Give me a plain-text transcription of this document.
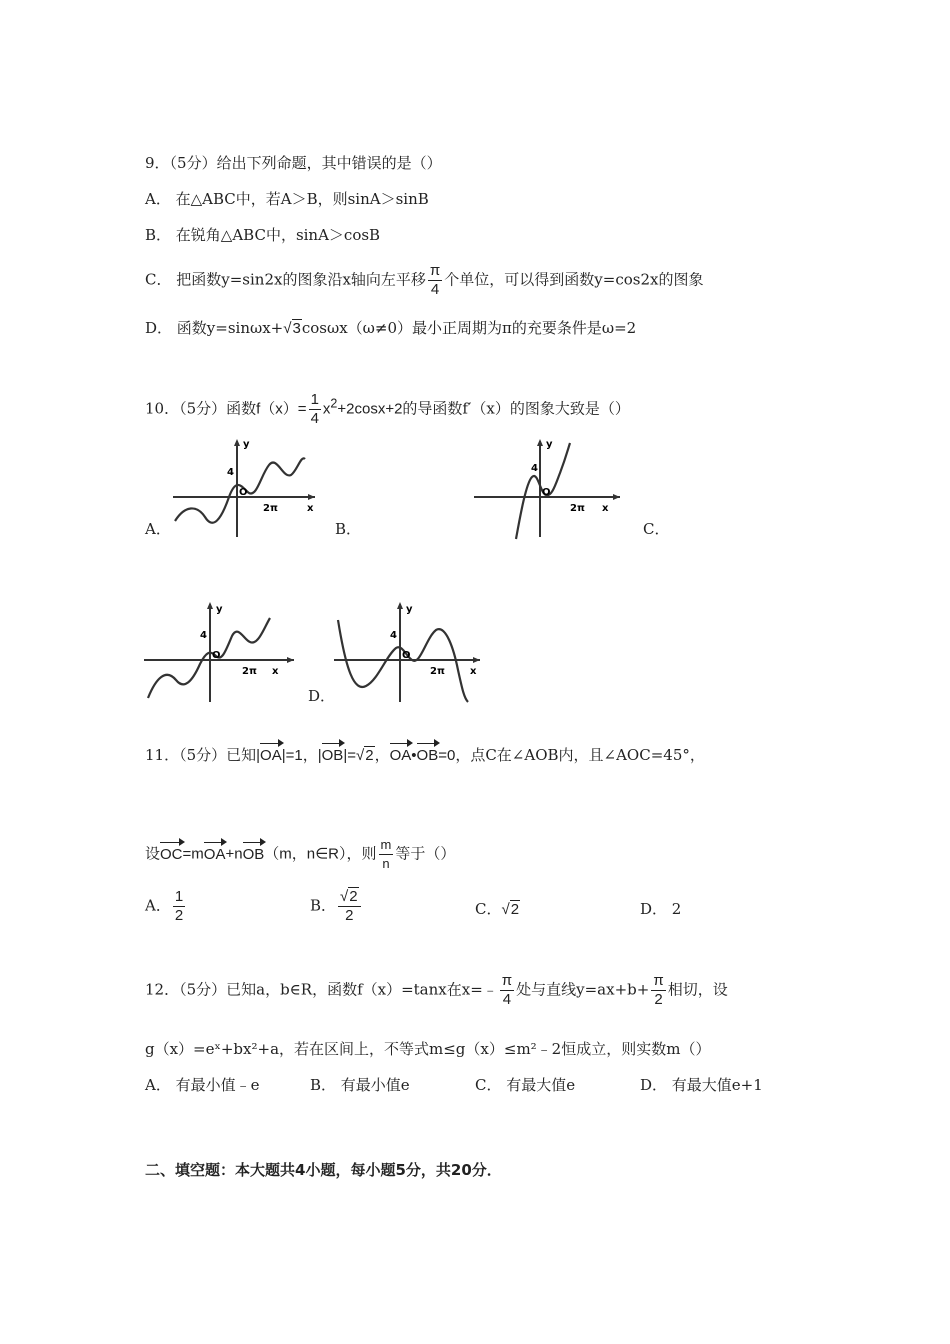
9．（5分）给出下列命题，其中错误的是（）
A． 在△ABC中，若A＞B，则sinA＞sinB
B． 在锐角△ABC中，sinA＞cosB
C． 把函数y=sin2x的图象沿x轴向左平移 $\frac{\pi}{4}$ 个单位，可以得到函数y=cos2x的图象
D． 函数y=sinωx+√3cosωx（ω≠0）最小正周期为π的充要条件是ω=2
10．（5分）函数$f(x)= \frac{1}{4} x^2+2\cos x+2$的导函数f′（x）的图象大致是（）
y
x
4
O
2π
A．	B．
y
x
4
O
2π
C．
y
x
4
O
2π
D．
y
x
4
O
2π
11．（5分）已知|OA|=1，|OB|=√2，OA•OB=0，点C在∠AOB内，且∠AOC=45°，
设OC=mOA+nOB（m，n∈R），则 $\frac{m}{n}$ 等于（）
A． $\frac{1}{2}$	B． $\frac{√2}{2}$	C．√2	D． 2
12．（5分）已知a，b∈R，函数f（x）=tanx在x=﹣ $\frac{\pi}{4}$ 处与直线$y=ax+b+ \frac{\pi}{2}$ 相切，设
g（x）=eˣ+bx²+a，若在区间上，不等式m≤g（x）≤m²﹣2恒成立，则实数m（）
A． 有最小值﹣e	B． 有最小值e	C． 有最大值e	D． 有最大值e+1
二、填空题：本大题共4小题，每小题5分，共20分．
